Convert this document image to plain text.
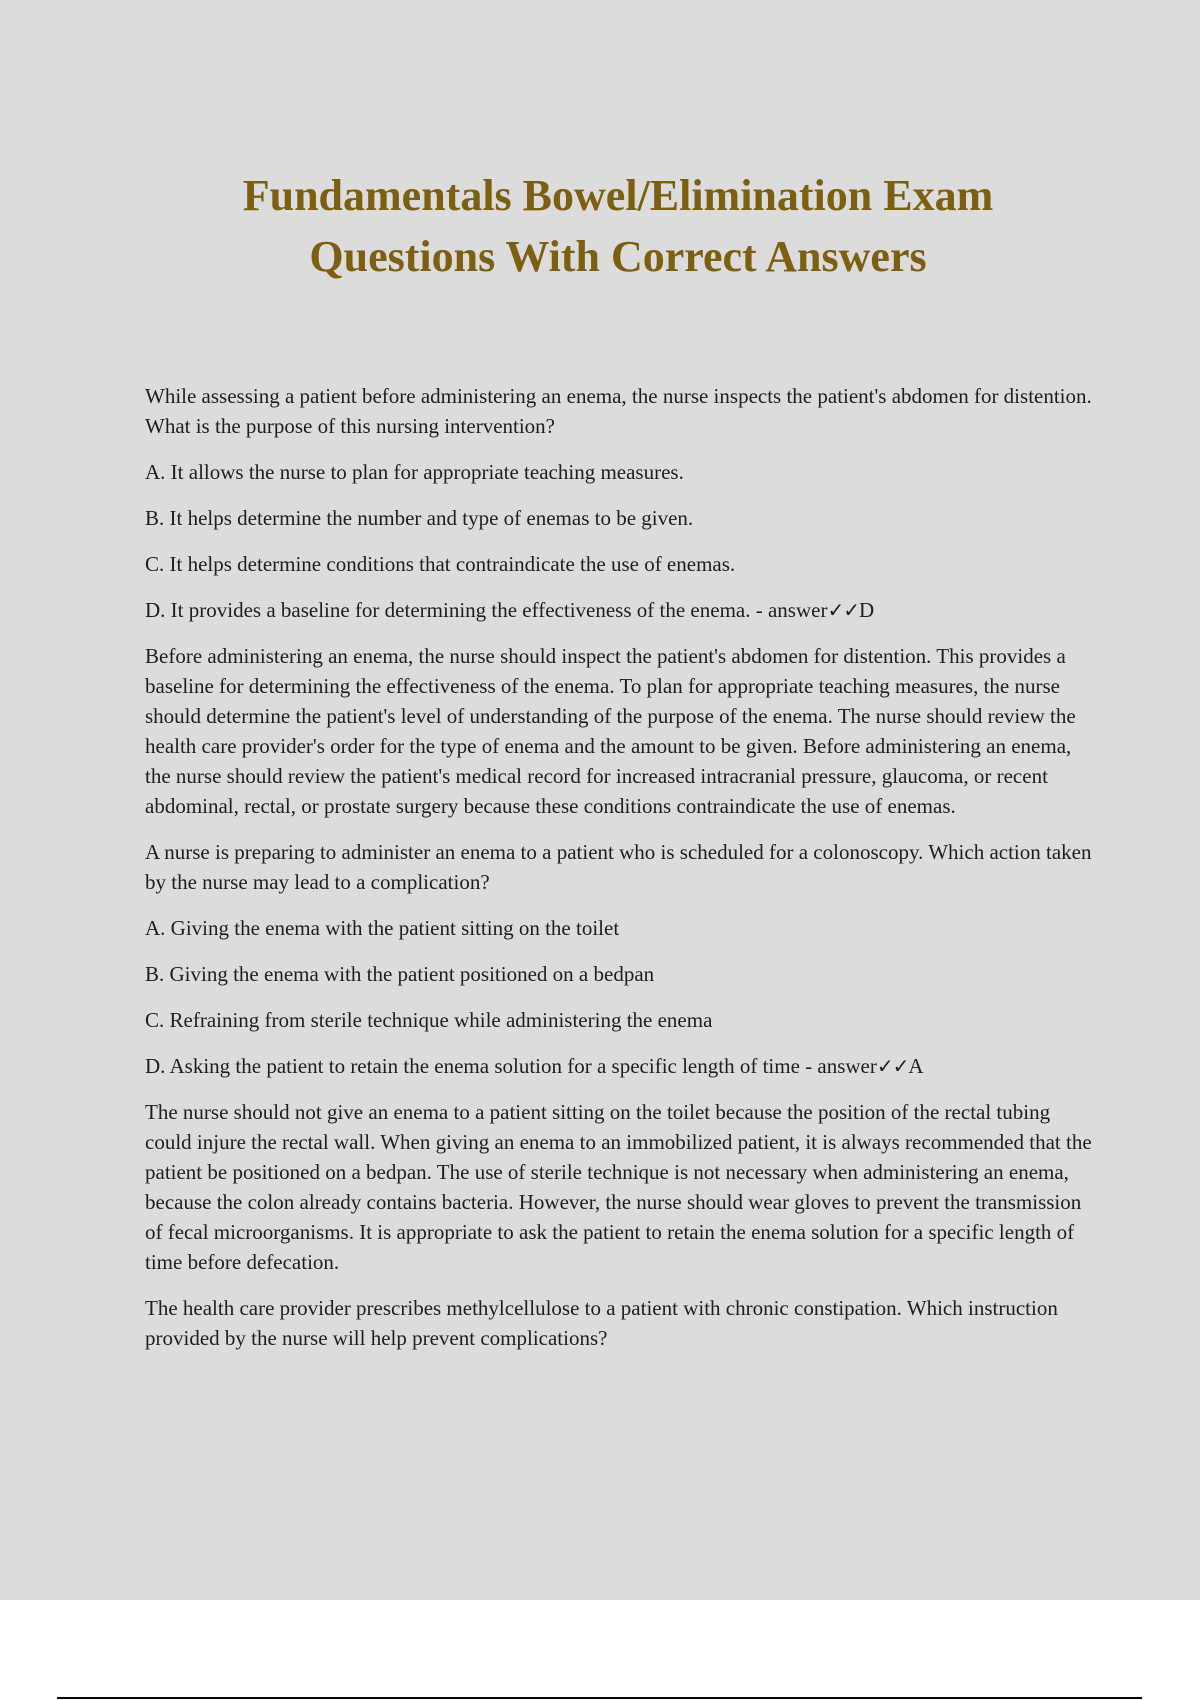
Fundamentals Bowel/Elimination Exam
Questions With Correct Answers

While assessing a patient before administering an enema, the nurse inspects the patient's abdomen for distention. What is the purpose of this nursing intervention?

A. It allows the nurse to plan for appropriate teaching measures.

B. It helps determine the number and type of enemas to be given.

C. It helps determine conditions that contraindicate the use of enemas.

D. It provides a baseline for determining the effectiveness of the enema. - answer✓✓D

Before administering an enema, the nurse should inspect the patient's abdomen for distention. This provides a baseline for determining the effectiveness of the enema. To plan for appropriate teaching measures, the nurse should determine the patient's level of understanding of the purpose of the enema. The nurse should review the health care provider's order for the type of enema and the amount to be given. Before administering an enema, the nurse should review the patient's medical record for increased intracranial pressure, glaucoma, or recent abdominal, rectal, or prostate surgery because these conditions contraindicate the use of enemas.

A nurse is preparing to administer an enema to a patient who is scheduled for a colonoscopy. Which action taken by the nurse may lead to a complication?

A. Giving the enema with the patient sitting on the toilet

B. Giving the enema with the patient positioned on a bedpan

C. Refraining from sterile technique while administering the enema

D. Asking the patient to retain the enema solution for a specific length of time - answer✓✓A

The nurse should not give an enema to a patient sitting on the toilet because the position of the rectal tubing could injure the rectal wall. When giving an enema to an immobilized patient, it is always recommended that the patient be positioned on a bedpan. The use of sterile technique is not necessary when administering an enema, because the colon already contains bacteria. However, the nurse should wear gloves to prevent the transmission of fecal microorganisms. It is appropriate to ask the patient to retain the enema solution for a specific length of time before defecation.

The health care provider prescribes methylcellulose to a patient with chronic constipation. Which instruction provided by the nurse will help prevent complications?
